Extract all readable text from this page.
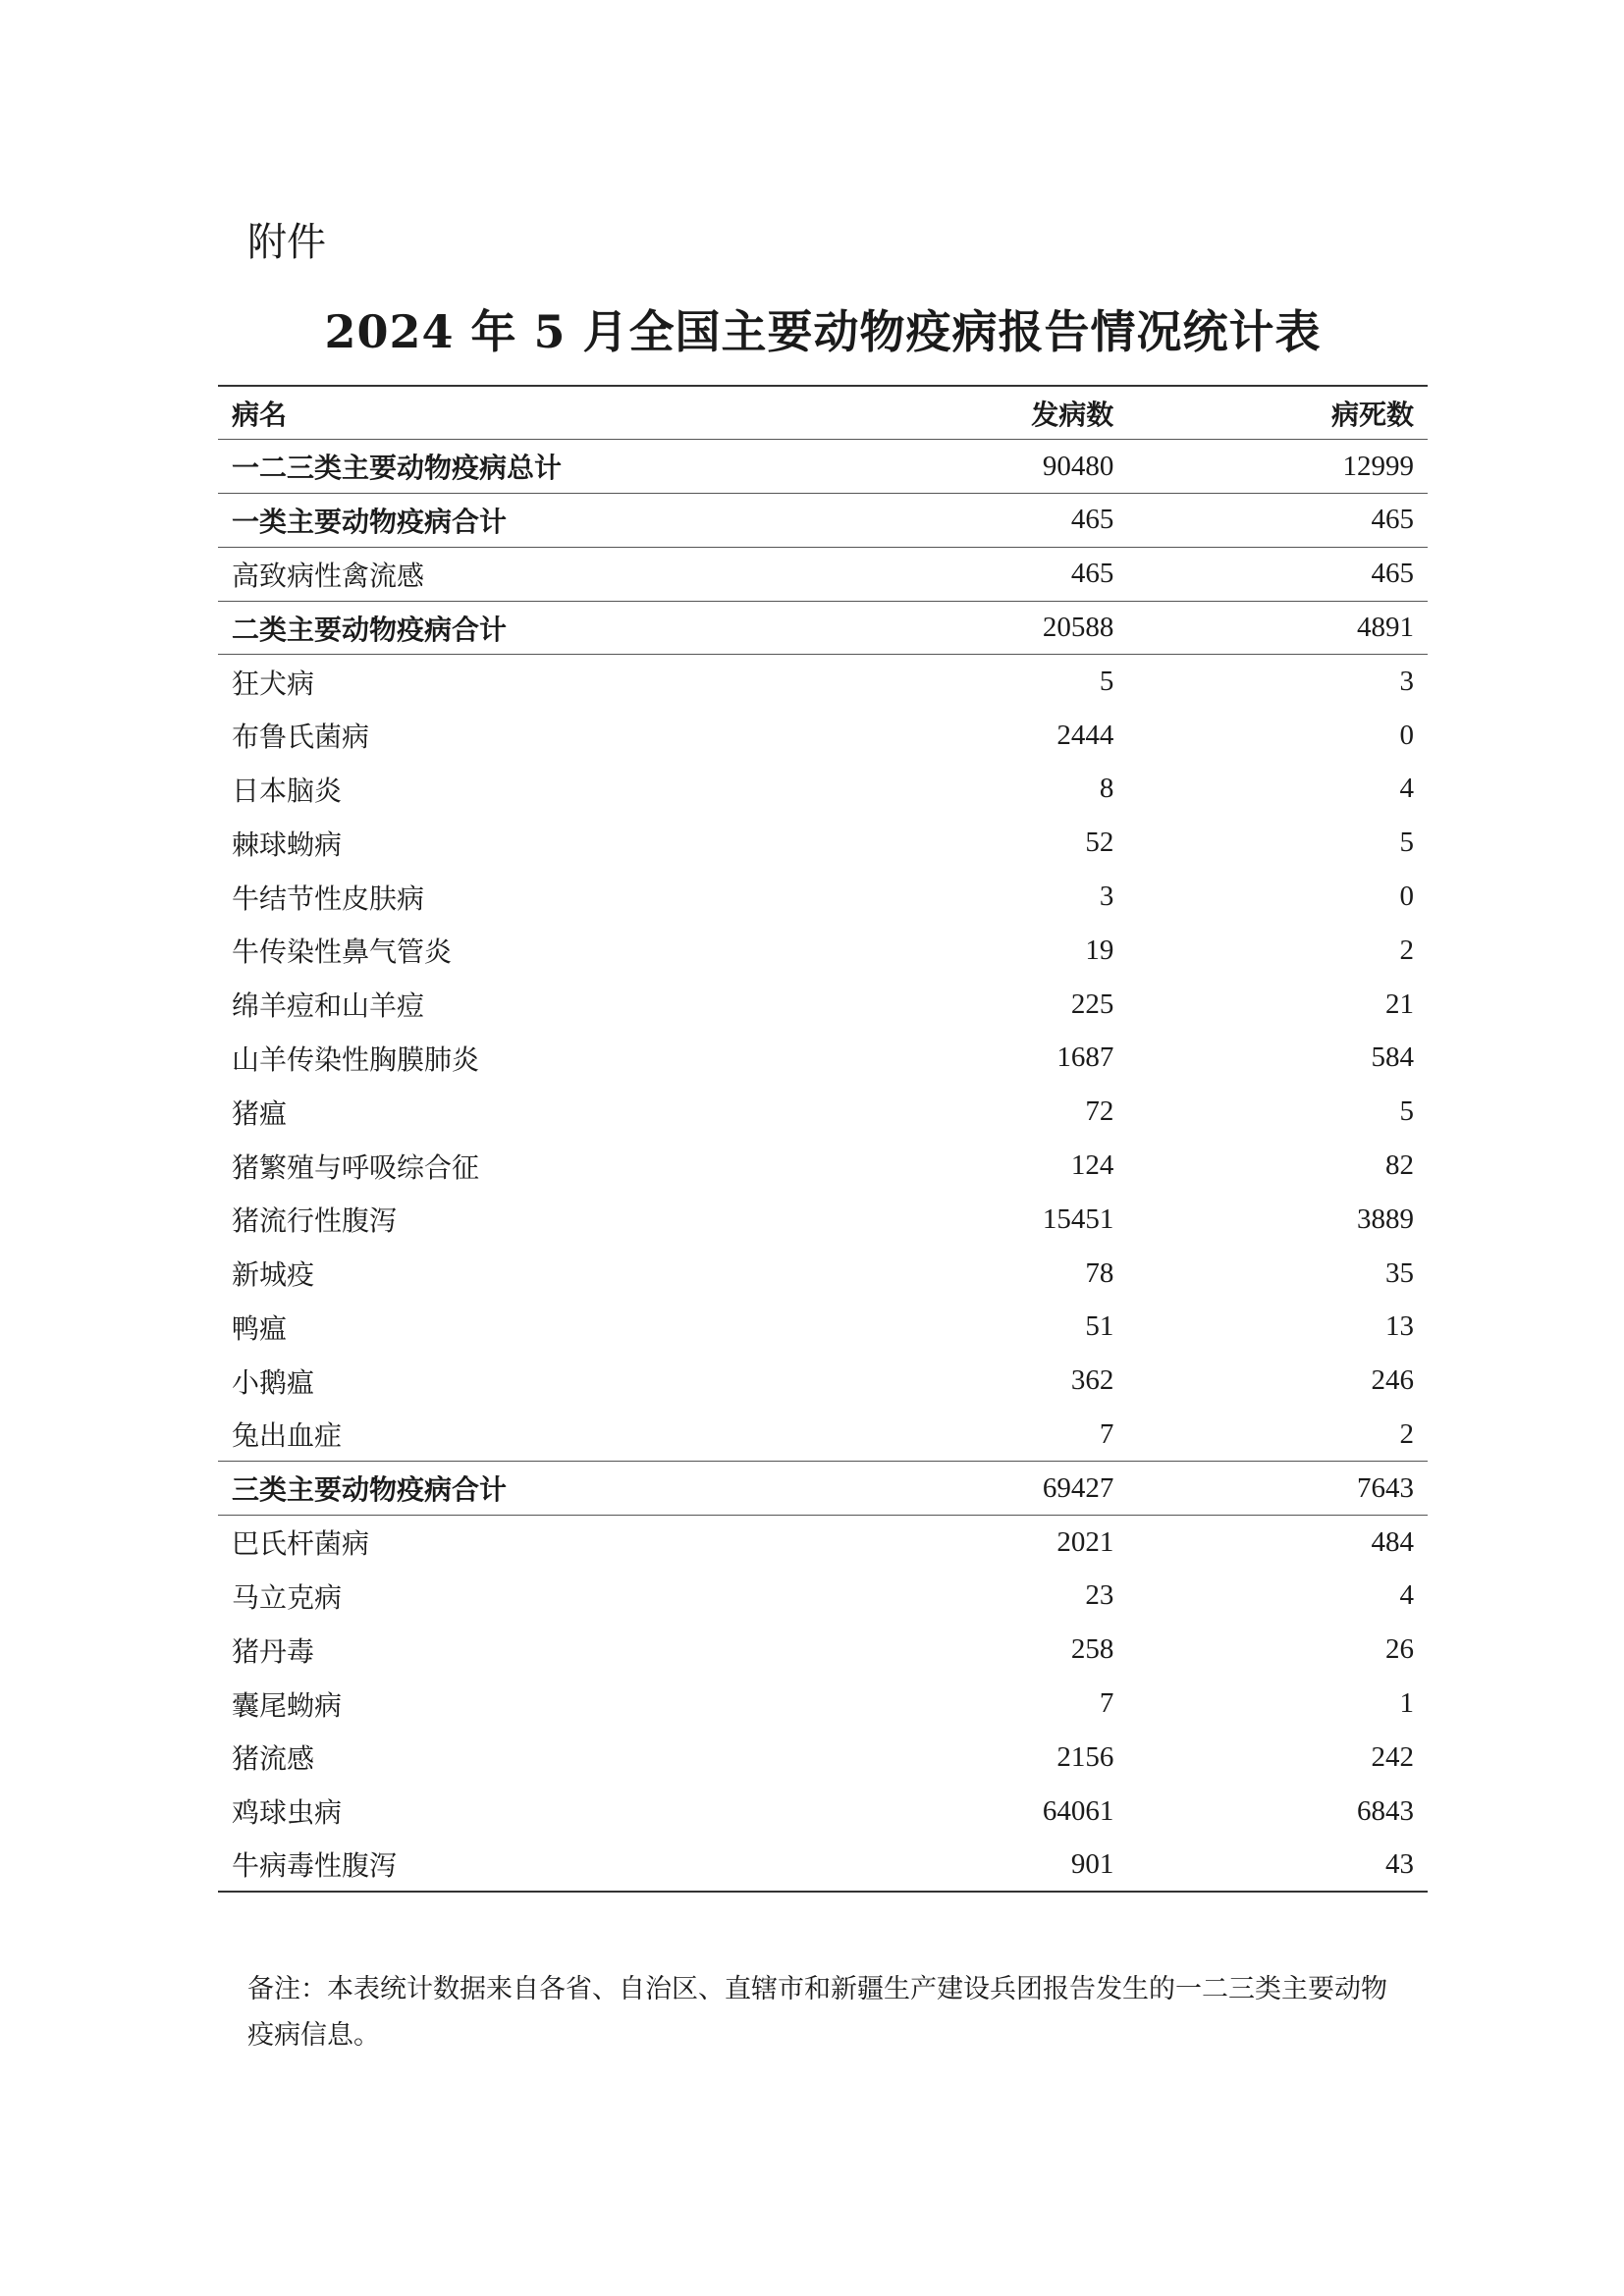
附件
2024 年 5 月全国主要动物疫病报告情况统计表
病名	发病数	病死数
一二三类主要动物疫病总计	90480	12999
一类主要动物疫病合计	465	465
高致病性禽流感	465	465
二类主要动物疫病合计	20588	4891
狂犬病	5	3
布鲁氏菌病	2444	0
日本脑炎	8	4
棘球蚴病	52	5
牛结节性皮肤病	3	0
牛传染性鼻气管炎	19	2
绵羊痘和山羊痘	225	21
山羊传染性胸膜肺炎	1687	584
猪瘟	72	5
猪繁殖与呼吸综合征	124	82
猪流行性腹泻	15451	3889
新城疫	78	35
鸭瘟	51	13
小鹅瘟	362	246
兔出血症	7	2
三类主要动物疫病合计	69427	7643
巴氏杆菌病	2021	484
马立克病	23	4
猪丹毒	258	26
囊尾蚴病	7	1
猪流感	2156	242
鸡球虫病	64061	6843
牛病毒性腹泻	901	43

备注：本表统计数据来自各省、自治区、直辖市和新疆生产建设兵团报告发生的一二三类主要动物疫病信息。
